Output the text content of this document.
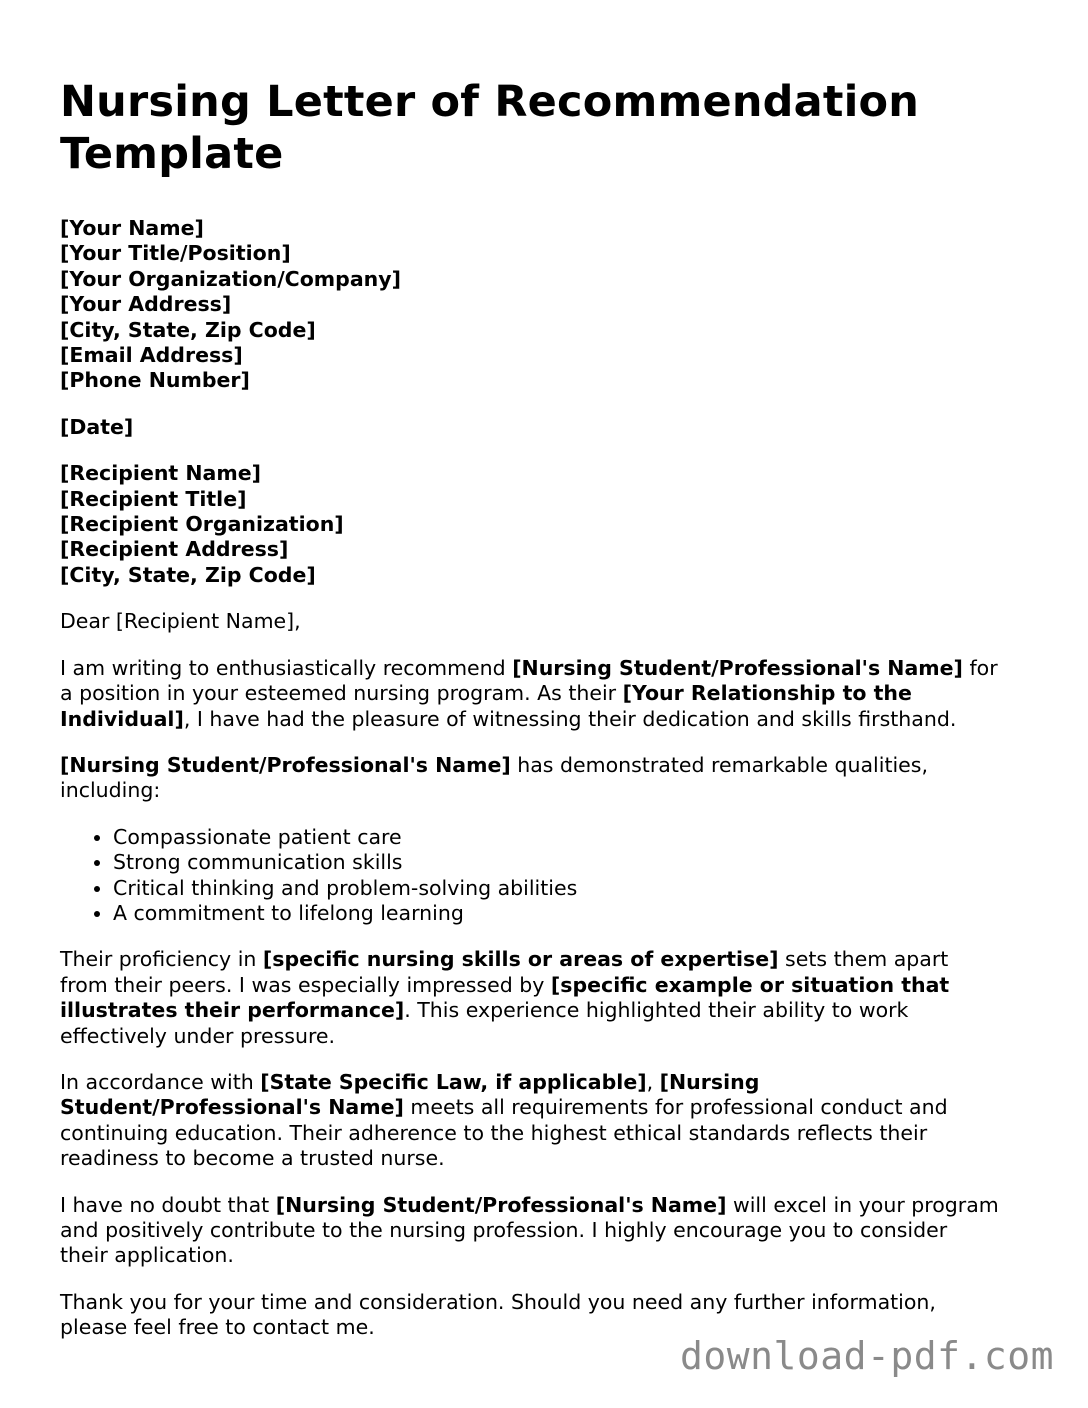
Nursing Letter of Recommendation Template
[Your Name]
[Your Title/Position]
[Your Organization/Company]
[Your Address]
[City, State, Zip Code]
[Email Address]
[Phone Number]
[Date]
[Recipient Name]
[Recipient Title]
[Recipient Organization]
[Recipient Address]
[City, State, Zip Code]

Dear [Recipient Name],

I am writing to enthusiastically recommend [Nursing Student/Professional's Name] for a position in your esteemed nursing program. As their [Your Relationship to the Individual], I have had the pleasure of witnessing their dedication and skills firsthand.

[Nursing Student/Professional's Name] has demonstrated remarkable qualities, including:

• Compassionate patient care
• Strong communication skills
• Critical thinking and problem-solving abilities
• A commitment to lifelong learning

Their proficiency in [specific nursing skills or areas of expertise] sets them apart from their peers. I was especially impressed by [specific example or situation that illustrates their performance]. This experience highlighted their ability to work effectively under pressure.

In accordance with [State Specific Law, if applicable], [Nursing Student/Professional's Name] meets all requirements for professional conduct and continuing education. Their adherence to the highest ethical standards reflects their readiness to become a trusted nurse.

I have no doubt that [Nursing Student/Professional's Name] will excel in your program and positively contribute to the nursing profession. I highly encourage you to consider their application.

Thank you for your time and consideration. Should you need any further information, please feel free to contact me.

download-pdf.com
